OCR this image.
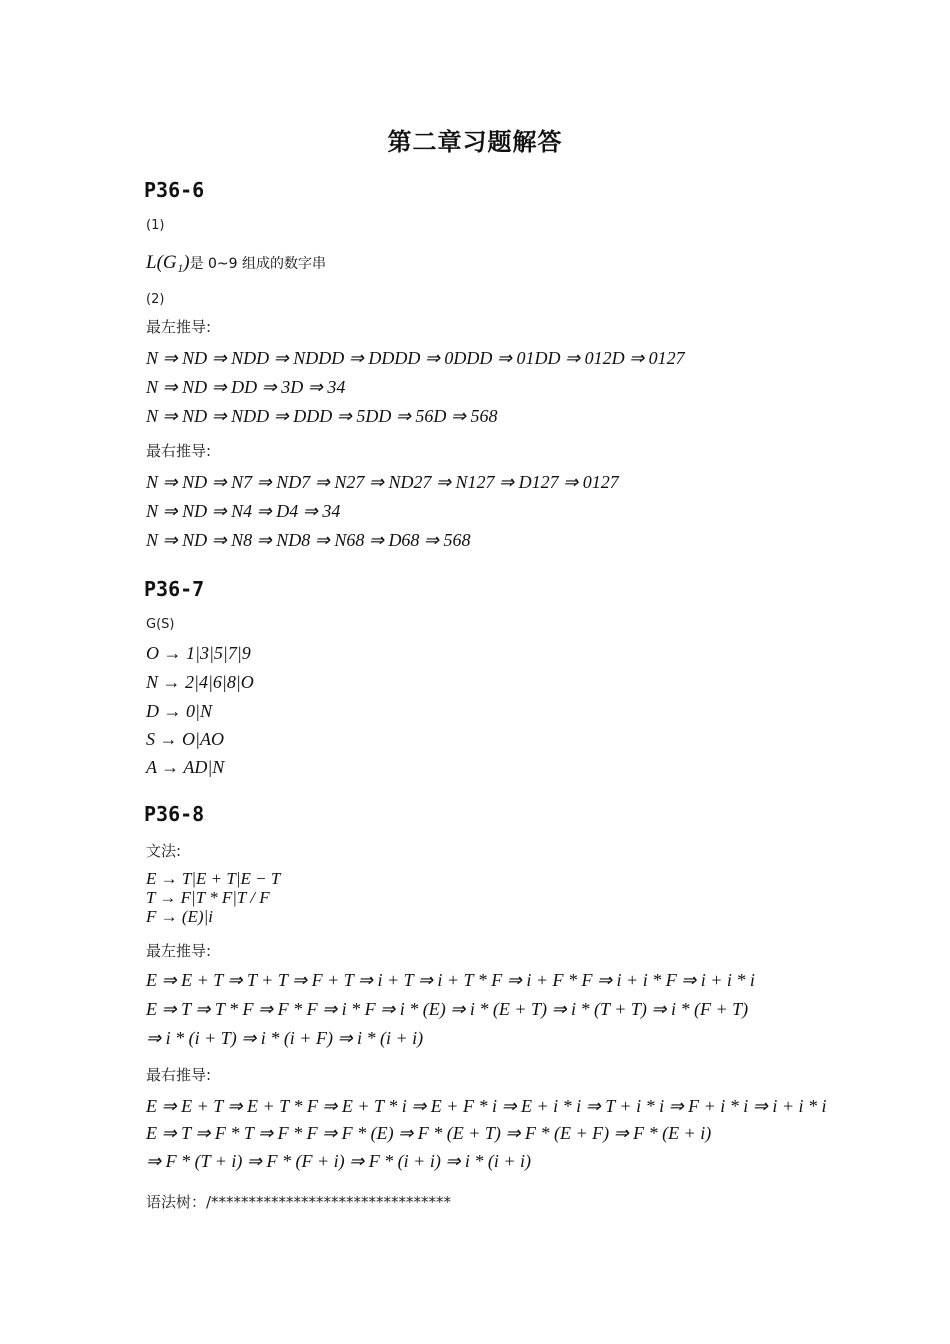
第二章习题解答
P36-6
(1)
L(G₁)是 0~9 组成的数字串
(2)
最左推导:
N ⇒ ND ⇒ NDD ⇒ NDDD ⇒ DDDD ⇒ 0DDD ⇒ 01DD ⇒ 012D ⇒ 0127
N ⇒ ND ⇒ DD ⇒ 3D ⇒ 34
N ⇒ ND ⇒ NDD ⇒ DDD ⇒ 5DD ⇒ 56D ⇒ 568
最右推导:
N ⇒ ND ⇒ N7 ⇒ ND7 ⇒ N27 ⇒ ND27 ⇒ N127 ⇒ D127 ⇒ 0127
N ⇒ ND ⇒ N4 ⇒ D4 ⇒ 34
N ⇒ ND ⇒ N8 ⇒ ND8 ⇒ N68 ⇒ D68 ⇒ 568
P36-7
G(S)
O → 1|3|5|7|9
N → 2|4|6|8|O
D → 0|N
S → O|AO
A → AD|N
P36-8
文法:
E → T|E + T|E − T
T → F|T * F|T / F
F → (E)|i
最左推导:
E ⇒ E + T ⇒ T + T ⇒ F + T ⇒ i + T ⇒ i + T * F ⇒ i + F * F ⇒ i + i * F ⇒ i + i * i
E ⇒ T ⇒ T * F ⇒ F * F ⇒ i * F ⇒ i * (E) ⇒ i * (E + T) ⇒ i * (T + T) ⇒ i * (F + T)
⇒ i * (i + T) ⇒ i * (i + F) ⇒ i * (i + i)
最右推导:
E ⇒ E + T ⇒ E + T * F ⇒ E + T * i ⇒ E + F * i ⇒ E + i * i ⇒ T + i * i ⇒ F + i * i ⇒ i + i * i
E ⇒ T ⇒ F * T ⇒ F * F ⇒ F * (E) ⇒ F * (E + T) ⇒ F * (E + F) ⇒ F * (E + i)
⇒ F * (T + i) ⇒ F * (F + i) ⇒ F * (i + i) ⇒ i * (i + i)
语法树：/********************************
